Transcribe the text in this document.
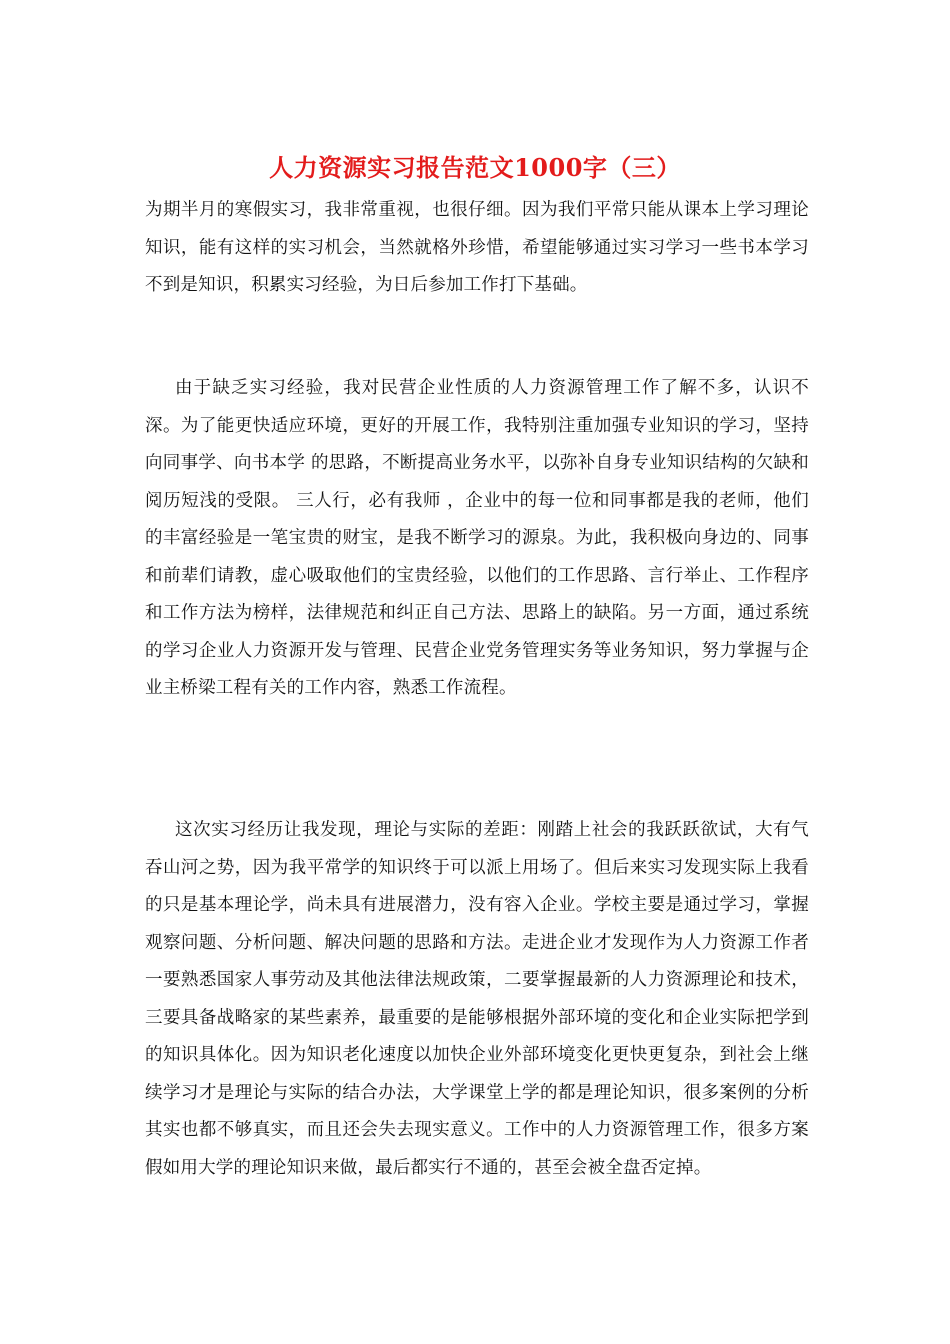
人力资源实习报告范文1000字（三）

为期半月的寒假实习，我非常重视，也很仔细。因为我们平常只能从课本上学习理论知识，能有这样的实习机会，当然就格外珍惜，希望能够通过实习学习一些书本学习不到是知识，积累实习经验，为日后参加工作打下基础。

由于缺乏实习经验，我对民营企业性质的人力资源管理工作了解不多，认识不深。为了能更快适应环境，更好的开展工作，我特别注重加强专业知识的学习，坚持 向同事学、向书本学 的思路，不断提高业务水平，以弥补自身专业知识结构的欠缺和阅历短浅的受限。 三人行，必有我师 ，企业中的每一位和同事都是我的老师，他们的丰富经验是一笔宝贵的财宝，是我不断学习的源泉。为此，我积极向身边的、同事和前辈们请教，虚心吸取他们的宝贵经验，以他们的工作思路、言行举止、工作程序和工作方法为榜样，法律规范和纠正自己方法、思路上的缺陷。另一方面，通过系统的学习企业人力资源开发与管理、民营企业党务管理实务等业务知识，努力掌握与企业主桥梁工程有关的工作内容，熟悉工作流程。

这次实习经历让我发现，理论与实际的差距：刚踏上社会的我跃跃欲试，大有气吞山河之势，因为我平常学的知识终于可以派上用场了。但后来实习发现实际上我看的只是基本理论学，尚未具有进展潜力，没有容入企业。学校主要是通过学习，掌握观察问题、分析问题、解决问题的思路和方法。走进企业才发现作为人力资源工作者一要熟悉国家人事劳动及其他法律法规政策，二要掌握最新的人力资源理论和技术，三要具备战略家的某些素养，最重要的是能够根据外部环境的变化和企业实际把学到的知识具体化。因为知识老化速度以加快企业外部环境变化更快更复杂，到社会上继续学习才是理论与实际的结合办法，大学课堂上学的都是理论知识，很多案例的分析其实也都不够真实，而且还会失去现实意义。工作中的人力资源管理工作，很多方案假如用大学的理论知识来做，最后都实行不通的，甚至会被全盘否定掉。
